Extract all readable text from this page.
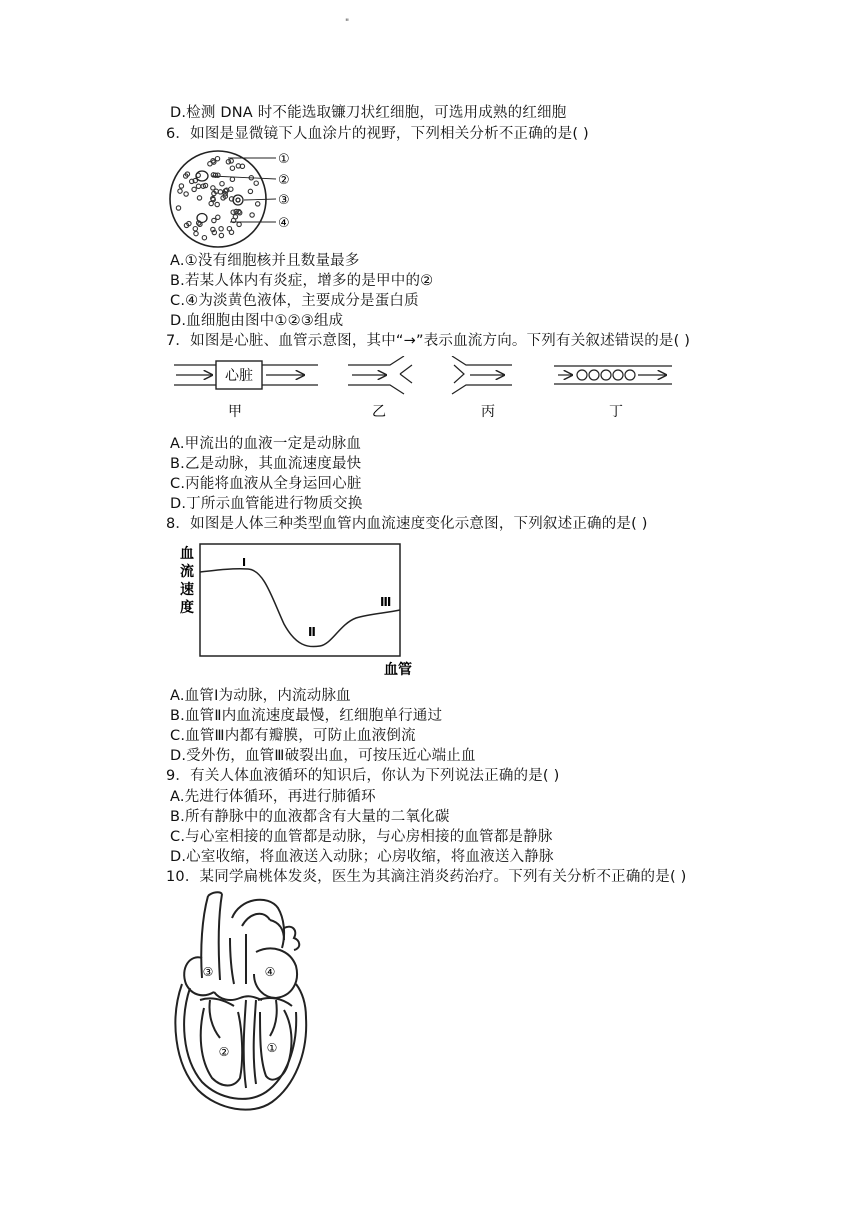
"
D.检测 DNA 时不能选取镰刀状红细胞，可选用成熟的红细胞
6．如图是显微镜下人血涂片的视野，下列相关分析不正确的是( )
①
②
③
④
A.①没有细胞核并且数量最多
B.若某人体内有炎症，增多的是甲中的②
C.④为淡黄色液体，主要成分是蛋白质
D.血细胞由图中①②③组成
7．如图是心脏、血管示意图，其中“→”表示血流方向。下列有关叙述错误的是( )
心脏
甲	乙	丙	丁
A.甲流出的血液一定是动脉血
B.乙是动脉，其血流速度最快
C.丙能将血液从全身运回心脏
D.丁所示血管能进行物质交换
8．如图是人体三种类型血管内血流速度变化示意图，下列叙述正确的是( )
血
流
速
度
Ⅰ
Ⅱ
Ⅲ
血管
A.血管Ⅰ为动脉，内流动脉血
B.血管Ⅱ内血流速度最慢，红细胞单行通过
C.血管Ⅲ内都有瓣膜，可防止血液倒流
D.受外伤，血管Ⅲ破裂出血，可按压近心端止血
9．有关人体血液循环的知识后，你认为下列说法正确的是( )
A.先进行体循环，再进行肺循环
B.所有静脉中的血液都含有大量的二氧化碳
C.与心室相接的血管都是动脉，与心房相接的血管都是静脉
D.心室收缩，将血液送入动脉；心房收缩，将血液送入静脉
10．某同学扁桃体发炎，医生为其滴注消炎药治疗。下列有关分析不正确的是( )
③	④
②	①
